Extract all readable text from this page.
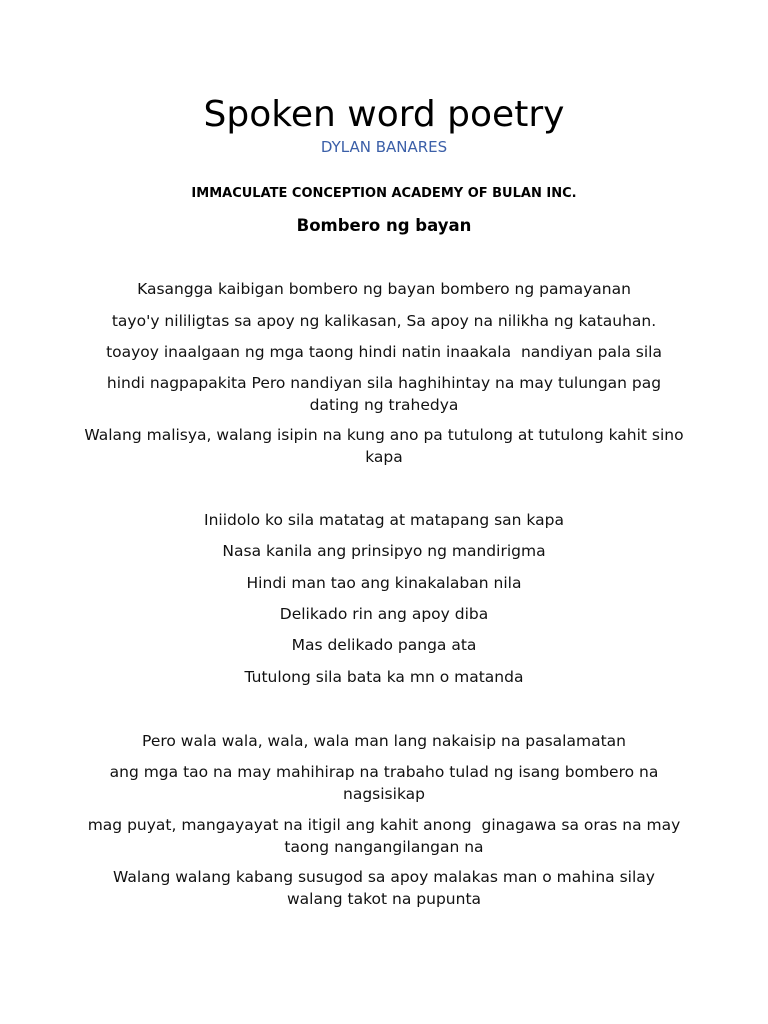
Spoken word poetry
DYLAN BANARES
IMMACULATE CONCEPTION ACADEMY OF BULAN INC.
Bombero ng bayan
Kasangga kaibigan bombero ng bayan bombero ng pamayanan
tayo'y nililigtas sa apoy ng kalikasan, Sa apoy na nilikha ng katauhan.
toayoy inaalgaan ng mga taong hindi natin inaakala  nandiyan pala sila
hindi nagpapakita Pero nandiyan sila haghihintay na may tulungan pag dating ng trahedya
Walang malisya, walang isipin na kung ano pa tutulong at tutulong kahit sino kapa
Iniidolo ko sila matatag at matapang san kapa
Nasa kanila ang prinsipyo ng mandirigma
Hindi man tao ang kinakalaban nila
Delikado rin ang apoy diba
Mas delikado panga ata
Tutulong sila bata ka mn o matanda
Pero wala wala, wala, wala man lang nakaisip na pasalamatan
ang mga tao na may mahihirap na trabaho tulad ng isang bombero na nagsisikap
mag puyat, mangayayat na itigil ang kahit anong  ginagawa sa oras na may taong nangangilangan na
Walang walang kabang susugod sa apoy malakas man o mahina silay walang takot na pupunta
